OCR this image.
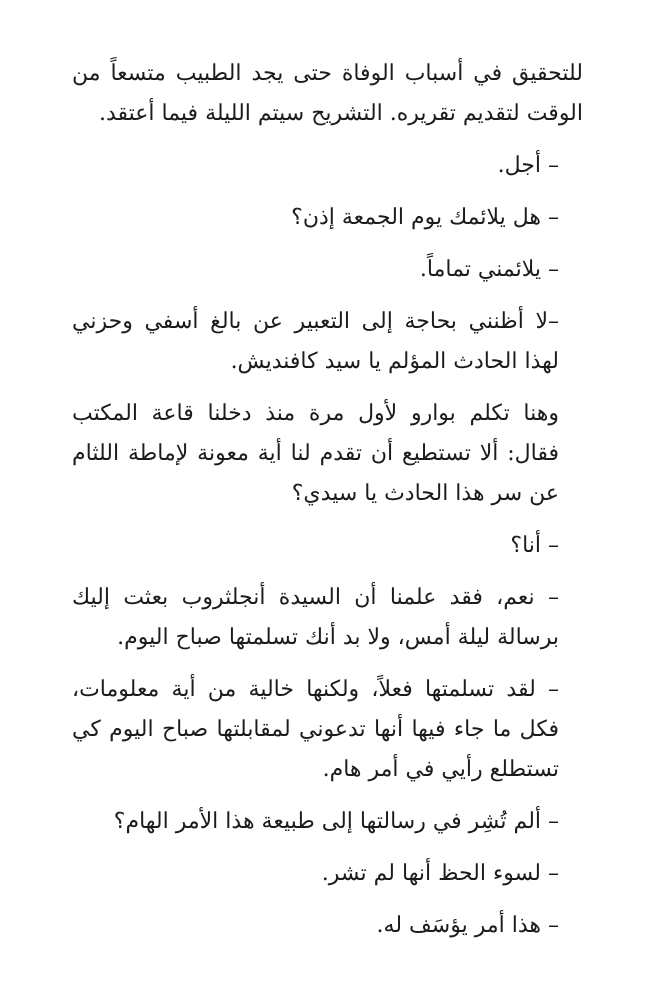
للتحقيق في أسباب الوفاة حتى يجد الطبيب متسعاً من الوقت لتقديم تقريره. التشريح سيتم الليلة فيما أعتقد.

– أجل.

– هل يلائمك يوم الجمعة إذن؟

– يلائمني تماماً.

–لا أظنني بحاجة إلى التعبير عن بالغ أسفي وحزني لهذا الحادث المؤلم يا سيد كافنديش.

وهنا تكلم بوارو لأول مرة منذ دخلنا قاعة المكتب فقال: ألا تستطيع أن تقدم لنا أية معونة لإماطة اللثام عن سر هذا الحادث يا سيدي؟

– أنا؟

– نعم، فقد علمنا أن السيدة أنجلثروب بعثت إليك برسالة ليلة أمس، ولا بد أنك تسلمتها صباح اليوم.

– لقد تسلمتها فعلاً، ولكنها خالية من أية معلومات، فكل ما جاء فيها أنها تدعوني لمقابلتها صباح اليوم كي تستطلع رأيي في أمر هام.

– ألم تُشِر في رسالتها إلى طبيعة هذا الأمر الهام؟

– لسوء الحظ أنها لم تشر.

– هذا أمر يؤسَف له.
